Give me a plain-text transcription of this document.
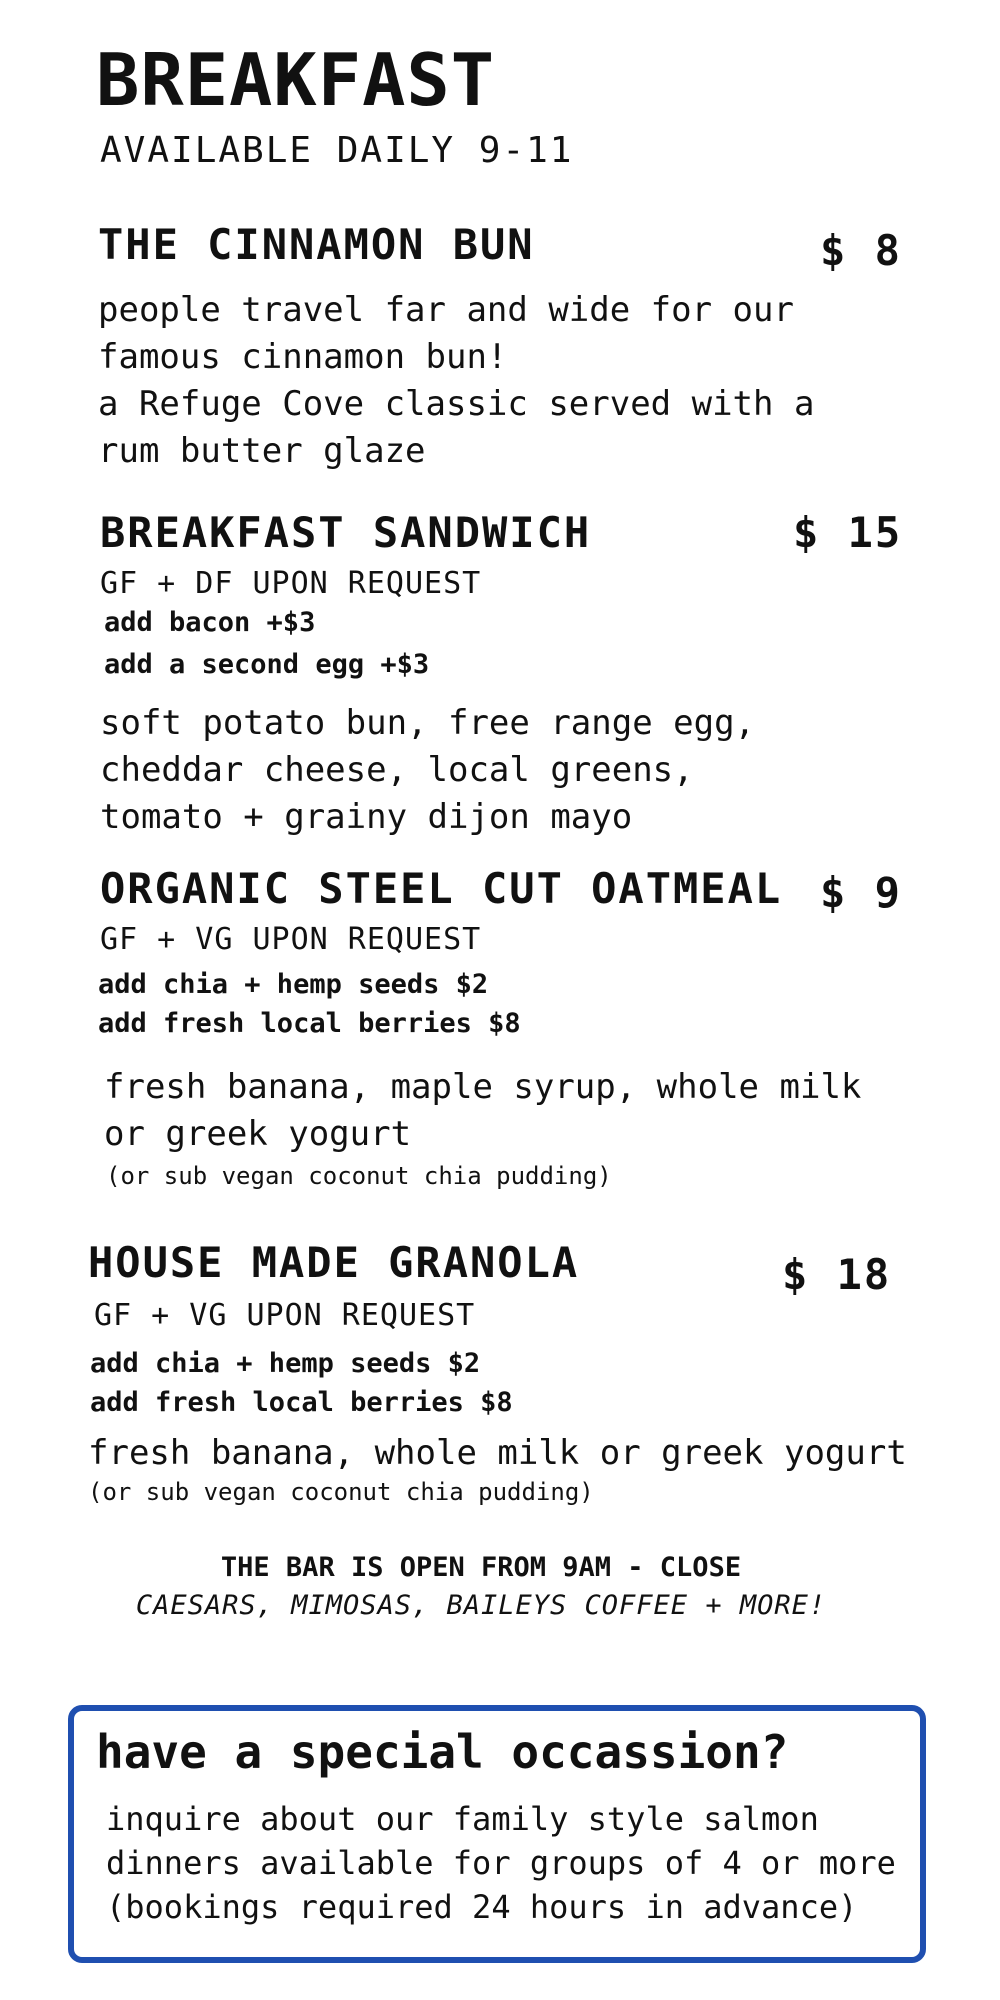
BREAKFAST
AVAILABLE DAILY 9-11
THE CINNAMON BUN	$ 8
people travel far and wide for our
famous cinnamon bun!
a Refuge Cove classic served with a
rum butter glaze
BREAKFAST SANDWICH	$ 15
GF + DF UPON REQUEST
add bacon +$3
add a second egg +$3
soft potato bun, free range egg,
cheddar cheese, local greens,
tomato + grainy dijon mayo
ORGANIC STEEL CUT OATMEAL $ 9
GF + VG UPON REQUEST
add chia + hemp seeds $2
add fresh local berries $8
fresh banana, maple syrup, whole milk
or greek yogurt
(or sub vegan coconut chia pudding)
HOUSE MADE GRANOLA	$ 18
GF + VG UPON REQUEST
add chia + hemp seeds $2
add fresh local berries $8
fresh banana, whole milk or greek yogurt
(or sub vegan coconut chia pudding)
THE BAR IS OPEN FROM 9AM - CLOSE
CAESARS, MIMOSAS, BAILEYS COFFEE + MORE!
have a special occassion?
inquire about our family style salmon
dinners available for groups of 4 or more
(bookings required 24 hours in advance)
